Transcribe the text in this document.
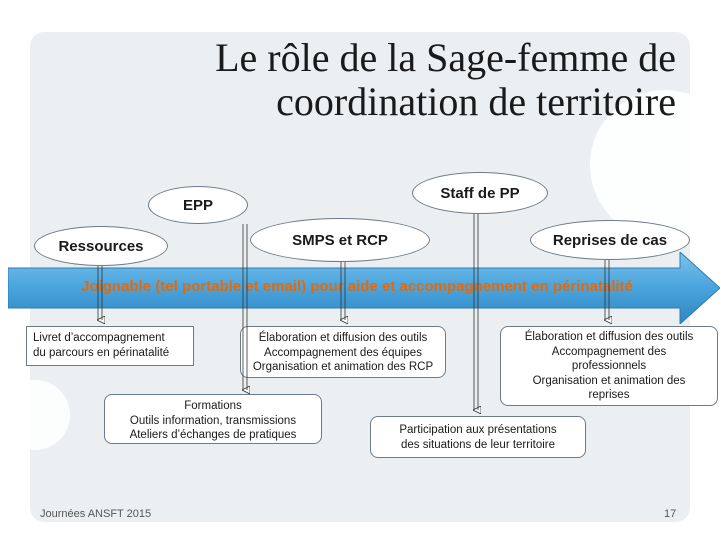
Le rôle de la Sage-femme de
coordination de territoire
EPP
Staff de PP
Ressources	SMPS et RCP	Reprises de cas
Joignable (tel portable et email) pour aide et accompagnement en périnatalité
Livret d’accompagnement
du parcours en périnatalité
Élaboration et diffusion des outils
Accompagnement des équipes
Organisation et animation des RCP
Élaboration et diffusion des outils
Accompagnement des
professionnels
Organisation et animation des
reprises
Formations
Outils information, transmissions
Ateliers d’échanges de pratiques	Participation aux présentations
des situations de leur territoire
Journées ANSFT 2015	17
